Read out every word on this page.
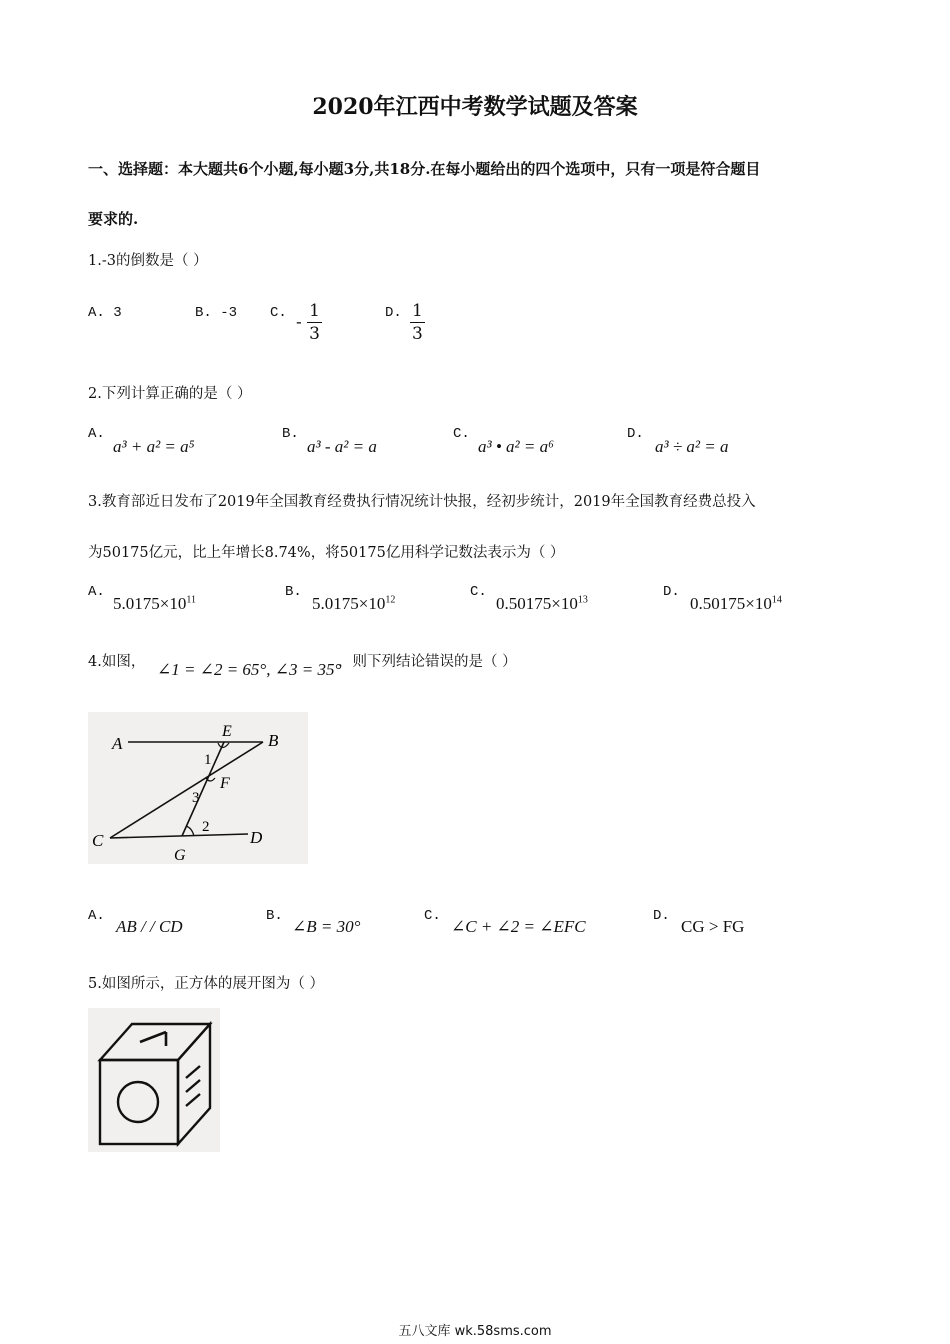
2020年江西中考数学试题及答案
一、选择题：本大题共6个小题,每小题3分,共18分.在每小题给出的四个选项中，只有一项是符合题目
要求的.
1.-3的倒数是（ ）
A. 3	B. -3 C. - $\frac{1}{3}$	D. $\frac{1}{3}$
2.下列计算正确的是（ ）
A.
a³ + a² = a⁵
B.
a³ - a² = a
C.
a³ • a² = a⁶
D.
a³ ÷ a² = a
3.教育部近日发布了2019年全国教育经费执行情况统计快报，经初步统计，2019年全国教育经费总投入
为50175亿元，比上年增长8.74%，将50175亿用科学记数法表示为（ ）
A.
$5.0175\times 10^{11}$	B.
$5.0175\times 10^{12}$	C.
$0.50175\times 10^{13}$	D.
$0.50175\times 10^{14}$
4.如图， ∠1 = ∠2 = 65°, ∠3 = 35°
，则下列结论错误的是（ ）
A	B
C	D
E
F
G
1
3
2
A.
AB / / CD
B.
∠B = 30°
C.
∠C + ∠2 = ∠EFC
D.
CG > FG
5.如图所示，正方体的展开图为（ ）
五八文库 wk.58sms.com
